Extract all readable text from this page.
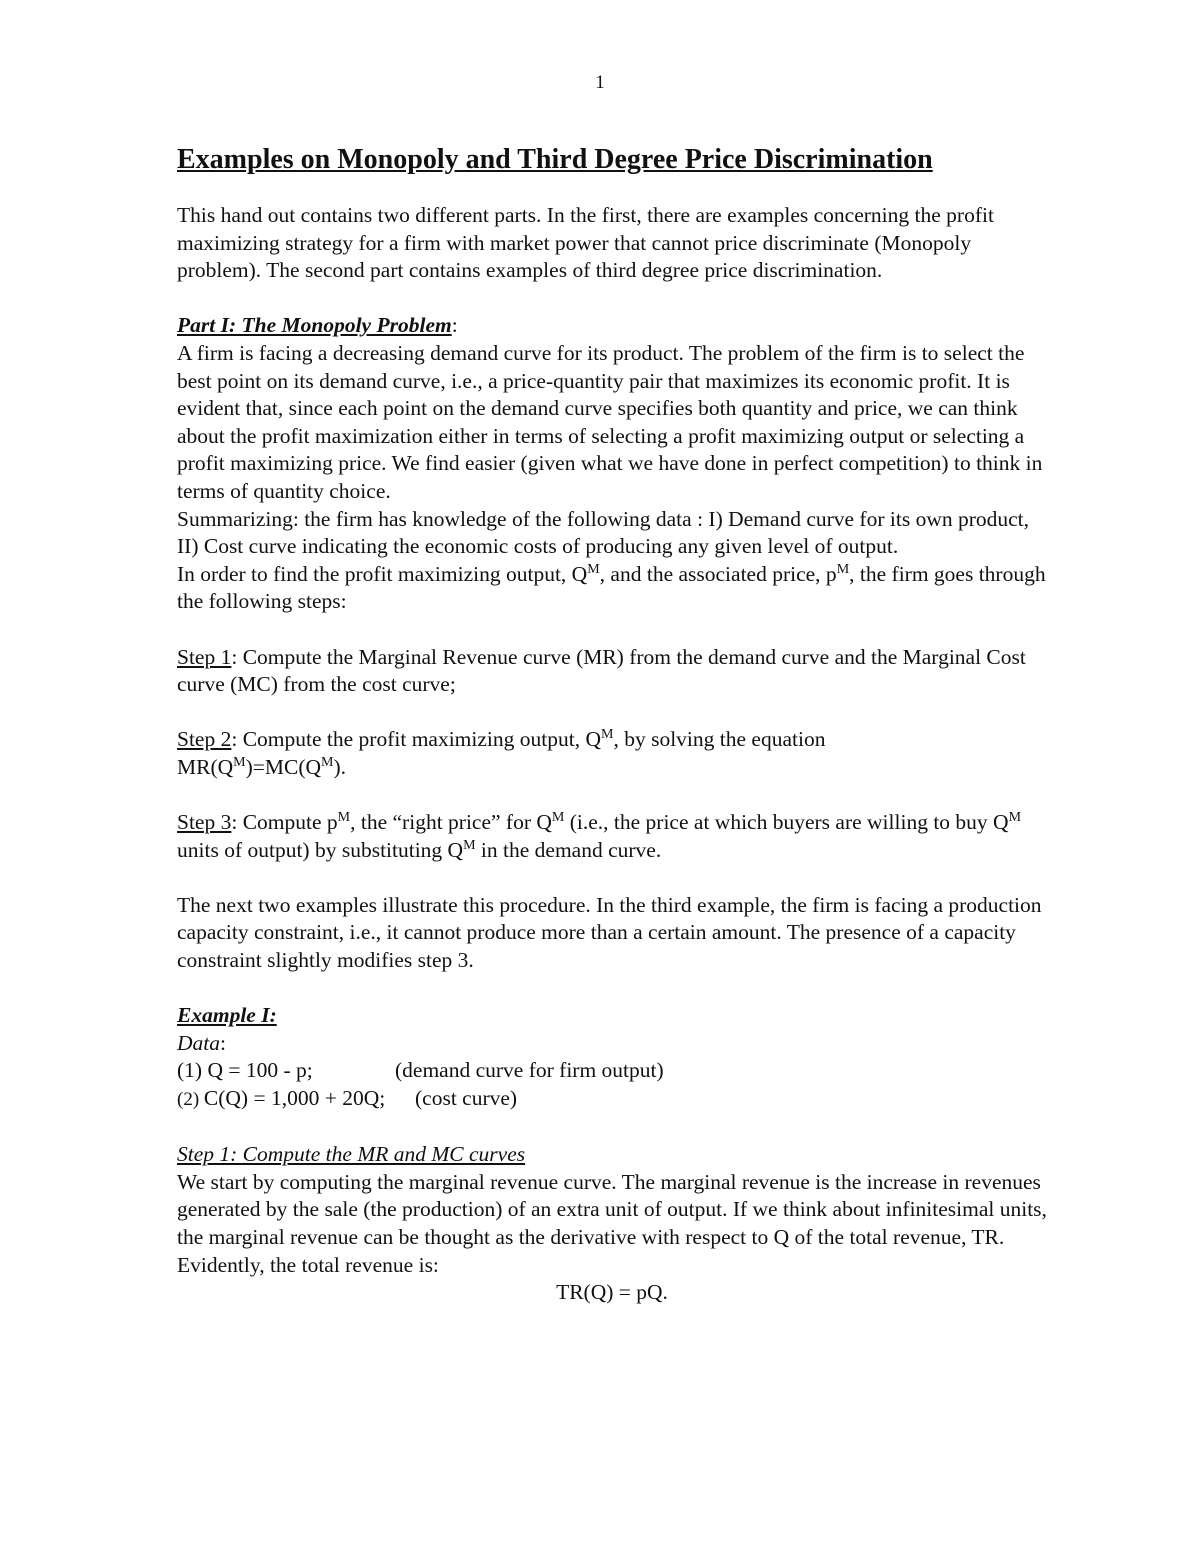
1
Examples on Monopoly and Third Degree Price Discrimination

This hand out contains two different parts. In the first, there are examples concerning the profit maximizing strategy for a firm with market power that cannot price discriminate (Monopoly problem). The second part contains examples of third degree price discrimination.

Part I: The Monopoly Problem:

A firm is facing a decreasing demand curve for its product. The problem of the firm is to select the best point on its demand curve, i.e., a price-quantity pair that maximizes its economic profit. It is evident that, since each point on the demand curve specifies both quantity and price, we can think about the profit maximization either in terms of selecting a profit maximizing output or selecting a profit maximizing price. We find easier (given what we have done in perfect competition) to think in terms of quantity choice.

Summarizing: the firm has knowledge of the following data : I) Demand curve for its own product, II) Cost curve indicating the economic costs of producing any given level of output.

In order to find the profit maximizing output, $Q^M$, and the associated price, $p^M$, the firm goes through the following steps:

Step 1: Compute the Marginal Revenue curve (MR) from the demand curve and the Marginal Cost curve (MC) from the cost curve;

Step 2: Compute the profit maximizing output, $Q^M$, by solving the equation
$MR(Q^M)=MC(Q^M)$.

Step 3: Compute $p^M$, the “right price” for $Q^M$ (i.e., the price at which buyers are willing to buy $Q^M$ units of output) by substituting $Q^M$ in the demand curve.

The next two examples illustrate this procedure. In the third example, the firm is facing a production capacity constraint, i.e., it cannot produce more than a certain amount. The presence of a capacity constraint slightly modifies step 3.

Example I:

Data:

(1) Q = 100 - p;	(demand curve for firm output)
(2) C(Q) = 1,000 + 20Q;	(cost curve)

Step 1: Compute the MR and MC curves

We start by computing the marginal revenue curve. The marginal revenue is the increase in revenues generated by the sale (the production) of an extra unit of output. If we think about infinitesimal units, the marginal revenue can be thought as the derivative with respect to Q of the total revenue, TR.

Evidently, the total revenue is:

TR(Q) = pQ.
